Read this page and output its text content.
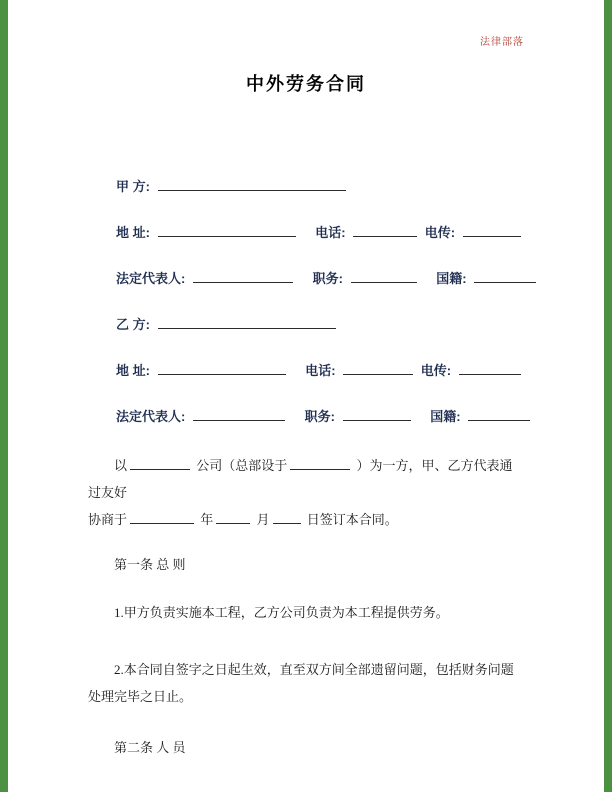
法律部落
中外劳务合同
甲 方:
地 址:	电话:	电传:
法定代表人:	职务:	国籍:
乙 方:
地 址:	电话:	电传:
法定代表人:	职务:	国籍:

以	公司（总部设于	）为一方，甲、乙方代表通过友好
协商于	年	月	日签订本合同。

第一条 总 则

1.甲方负责实施本工程，乙方公司负责为本工程提供劳务。

2.本合同自签字之日起生效，直至双方间全部遗留问题，包括财务问题处理完毕之日止。

第二条 人 员
